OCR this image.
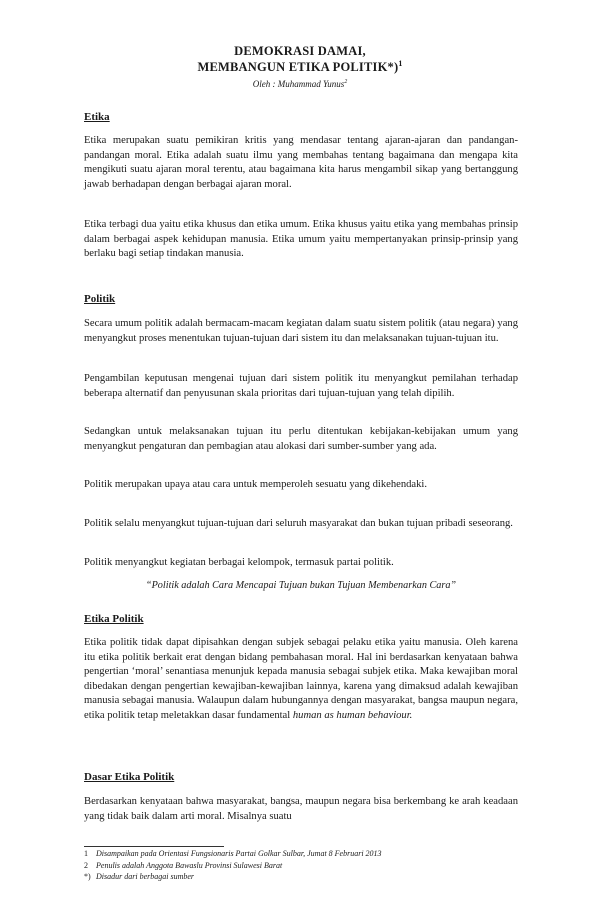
DEMOKRASI DAMAI,
MEMBANGUN ETIKA POLITIK*)$^1$
Oleh : Muhammad Yunus$^2$
Etika
Etika merupakan suatu pemikiran kritis yang mendasar tentang ajaran-ajaran dan pandangan-pandangan moral. Etika adalah suatu ilmu yang membahas tentang bagaimana dan mengapa kita mengikuti suatu ajaran moral terentu, atau bagaimana kita harus mengambil sikap yang bertanggung jawab berhadapan dengan berbagai ajaran moral.
Etika terbagi dua yaitu etika khusus dan etika umum. Etika khusus yaitu etika yang membahas prinsip dalam berbagai aspek kehidupan manusia. Etika umum yaitu mempertanyakan prinsip-prinsip yang berlaku bagi setiap tindakan manusia.
Politik
Secara umum politik adalah bermacam-macam kegiatan dalam suatu sistem politik (atau negara) yang menyangkut proses menentukan tujuan-tujuan dari sistem itu dan melaksanakan tujuan-tujuan itu.
Pengambilan keputusan mengenai tujuan dari sistem politik itu menyangkut pemilahan terhadap beberapa alternatif dan penyusunan skala prioritas dari tujuan-tujuan yang telah dipilih.
Sedangkan untuk melaksanakan tujuan itu perlu ditentukan kebijakan-kebijakan umum yang menyangkut pengaturan dan pembagian atau alokasi dari sumber-sumber yang ada.
Politik merupakan upaya atau cara untuk memperoleh sesuatu yang dikehendaki.
Politik selalu menyangkut tujuan-tujuan dari seluruh masyarakat dan bukan tujuan pribadi seseorang.
Politik menyangkut kegiatan berbagai kelompok, termasuk partai politik.
“Politik adalah Cara Mencapai Tujuan bukan Tujuan Membenarkan Cara”
Etika Politik
Etika politik tidak dapat dipisahkan dengan subjek sebagai pelaku etika yaitu manusia. Oleh karena itu etika politik berkait erat dengan bidang pembahasan moral. Hal ini berdasarkan kenyataan bahwa pengertian ‘moral’ senantiasa menunjuk kepada manusia sebagai subjek etika. Maka kewajiban moral dibedakan dengan pengertian kewajiban-kewajiban lainnya, karena yang dimaksud adalah kewajiban manusia sebagai manusia. Walaupun dalam hubungannya dengan masyarakat, bangsa maupun negara, etika politik tetap meletakkan dasar fundamental human as human behaviour.
Dasar Etika Politik
Berdasarkan kenyataan bahwa masyarakat, bangsa, maupun negara bisa berkembang ke arah keadaan yang tidak baik dalam arti moral. Misalnya suatu
1 Disampaikan pada Orientasi Fungsionaris Partai Golkar Sulbar, Jumat 8 Februari 2013
2 Penulis adalah Anggota Bawaslu Provinsi Sulawesi Barat
*) Disadur dari berbagai sumber
